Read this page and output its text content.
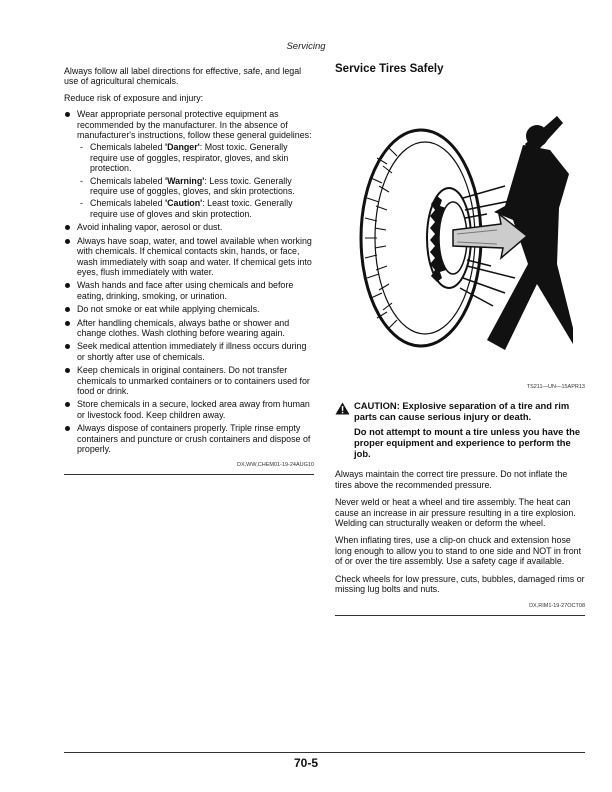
Servicing

Always follow all label directions for effective, safe, and legal use of agricultural chemicals.

Reduce risk of exposure and injury:

Wear appropriate personal protective equipment as recommended by the manufacturer. In the absence of manufacturer's instructions, follow these general guidelines:
- Chemicals labeled 'Danger': Most toxic. Generally require use of goggles, respirator, gloves, and skin protection.
- Chemicals labeled 'Warning': Less toxic. Generally require use of goggles, gloves, and skin protections.
- Chemicals labeled 'Caution': Least toxic. Generally require use of gloves and skin protection.
Avoid inhaling vapor, aerosol or dust.
Always have soap, water, and towel available when working with chemicals. If chemical contacts skin, hands, or face, wash immediately with soap and water. If chemical gets into eyes, flush immediately with water.
Wash hands and face after using chemicals and before eating, drinking, smoking, or urination.
Do not smoke or eat while applying chemicals.
After handling chemicals, always bathe or shower and change clothes. Wash clothing before wearing again.
Seek medical attention immediately if illness occurs during or shortly after use of chemicals.
Keep chemicals in original containers. Do not transfer chemicals to unmarked containers or to containers used for food or drink.
Store chemicals in a secure, locked area away from human or livestock food. Keep children away.
Always dispose of containers properly. Triple rinse empty containers and puncture or crush containers and dispose of properly.
DX,WW,CHEM01-19-24AUG10
Service Tires Safely
TS211—UN—15APR13

CAUTION: Explosive separation of a tire and rim parts can cause serious injury or death.

Do not attempt to mount a tire unless you have the proper equipment and experience to perform the job.

Always maintain the correct tire pressure. Do not inflate the tires above the recommended pressure.

Never weld or heat a wheel and tire assembly. The heat can cause an increase in air pressure resulting in a tire explosion. Welding can structurally weaken or deform the wheel.

When inflating tires, use a clip-on chuck and extension hose long enough to allow you to stand to one side and NOT in front of or over the tire assembly. Use a safety cage if available.

Check wheels for low pressure, cuts, bubbles, damaged rims or missing lug bolts and nuts.

DX,RIM1-19-27OCT08
70-5
